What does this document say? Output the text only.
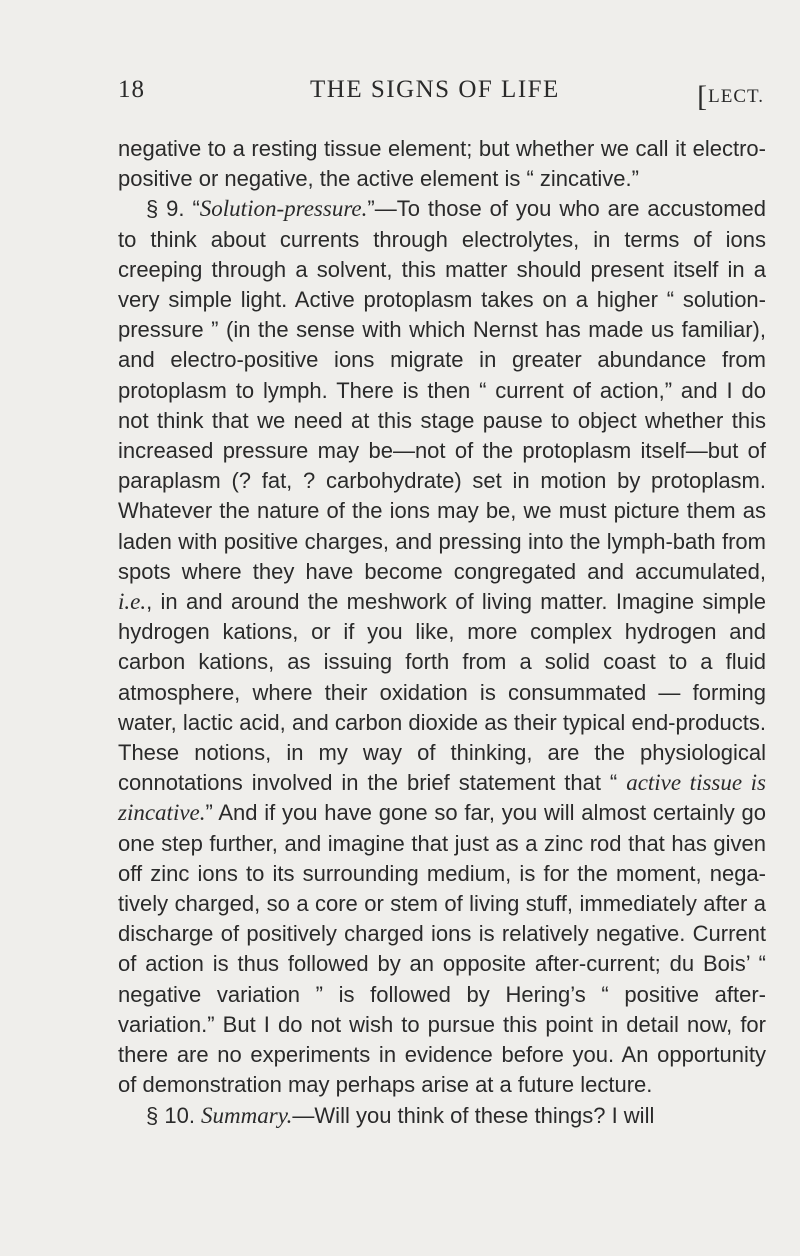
18	THE SIGNS OF LIFE	[LECT.

negative to a resting tissue element; but whether we call it electro-positive or negative, the active element is “ zincative.”

§ 9. “Solution-pressure.”—To those of you who are accustomed to think about currents through electrolytes, in terms of ions creeping through a solvent, this matter should present itself in a very simple light. Active protoplasm takes on a higher “ solution-pressure ” (in the sense with which Nernst has made us familiar), and electro-positive ions migrate in greater abundance from protoplasm to lymph. There is then “ current of action,” and I do not think that we need at this stage pause to object whether this increased pressure may be—not of the protoplasm itself—but of paraplasm (? fat, ? carbohydrate) set in motion by protoplasm. Whatever the nature of the ions may be, we must picture them as laden with positive charges, and pressing into the lymph-bath from spots where they have become congregated and accumulated, i.e., in and around the meshwork of living matter. Imagine simple hydrogen kations, or if you like, more complex hydrogen and carbon kations, as issuing forth from a solid coast to a fluid atmosphere, where their oxidation is consummated — forming water, lactic acid, and carbon dioxide as their typical end-products. These notions, in my way of thinking, are the physiological connotations involved in the brief statement that “ active tissue is zincative.” And if you have gone so far, you will almost certainly go one step further, and imagine that just as a zinc rod that has given off zinc ions to its surrounding medium, is for the moment, negatively charged, so a core or stem of living stuff, immediately after a discharge of positively charged ions is relatively negative. Current of action is thus followed by an opposite after-current; du Bois’ “ negative variation ” is followed by Hering’s “ positive after-variation.” But I do not wish to pursue this point in detail now, for there are no experiments in evidence before you. An opportunity of demonstration may perhaps arise at a future lecture.

§ 10. Summary.—Will you think of these things? I will
